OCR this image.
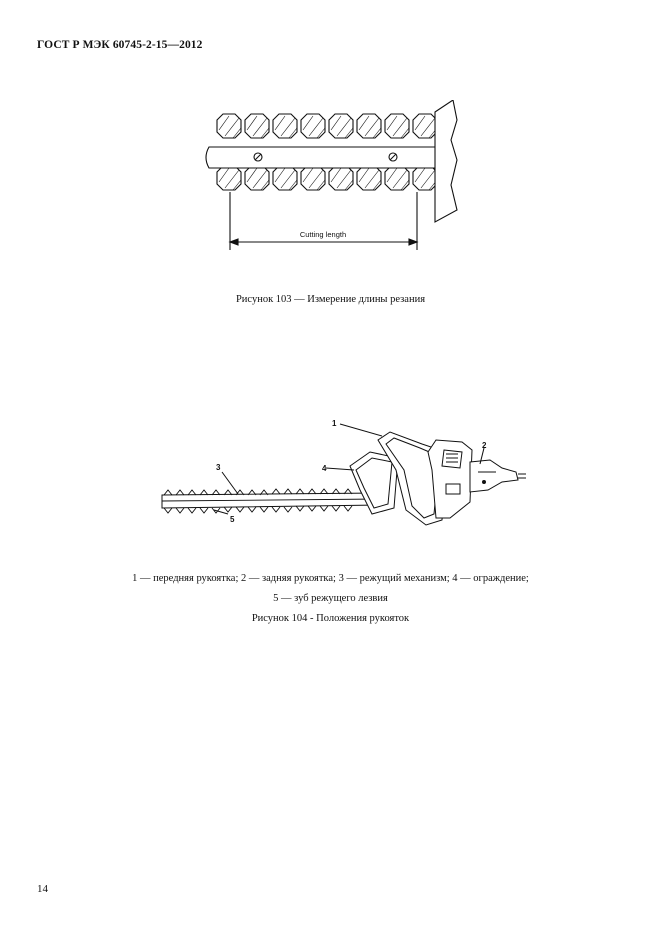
ГОСТ Р МЭК 60745-2-15—2012
Cutting length
Рисунок 103 — Измерение длины резания
1
2
3	4
5
1 — передняя рукоятка; 2 — задняя рукоятка; 3 — режущий механизм; 4 — ограждение;
5 — зуб режущего лезвия
Рисунок 104 - Положения рукояток
14
